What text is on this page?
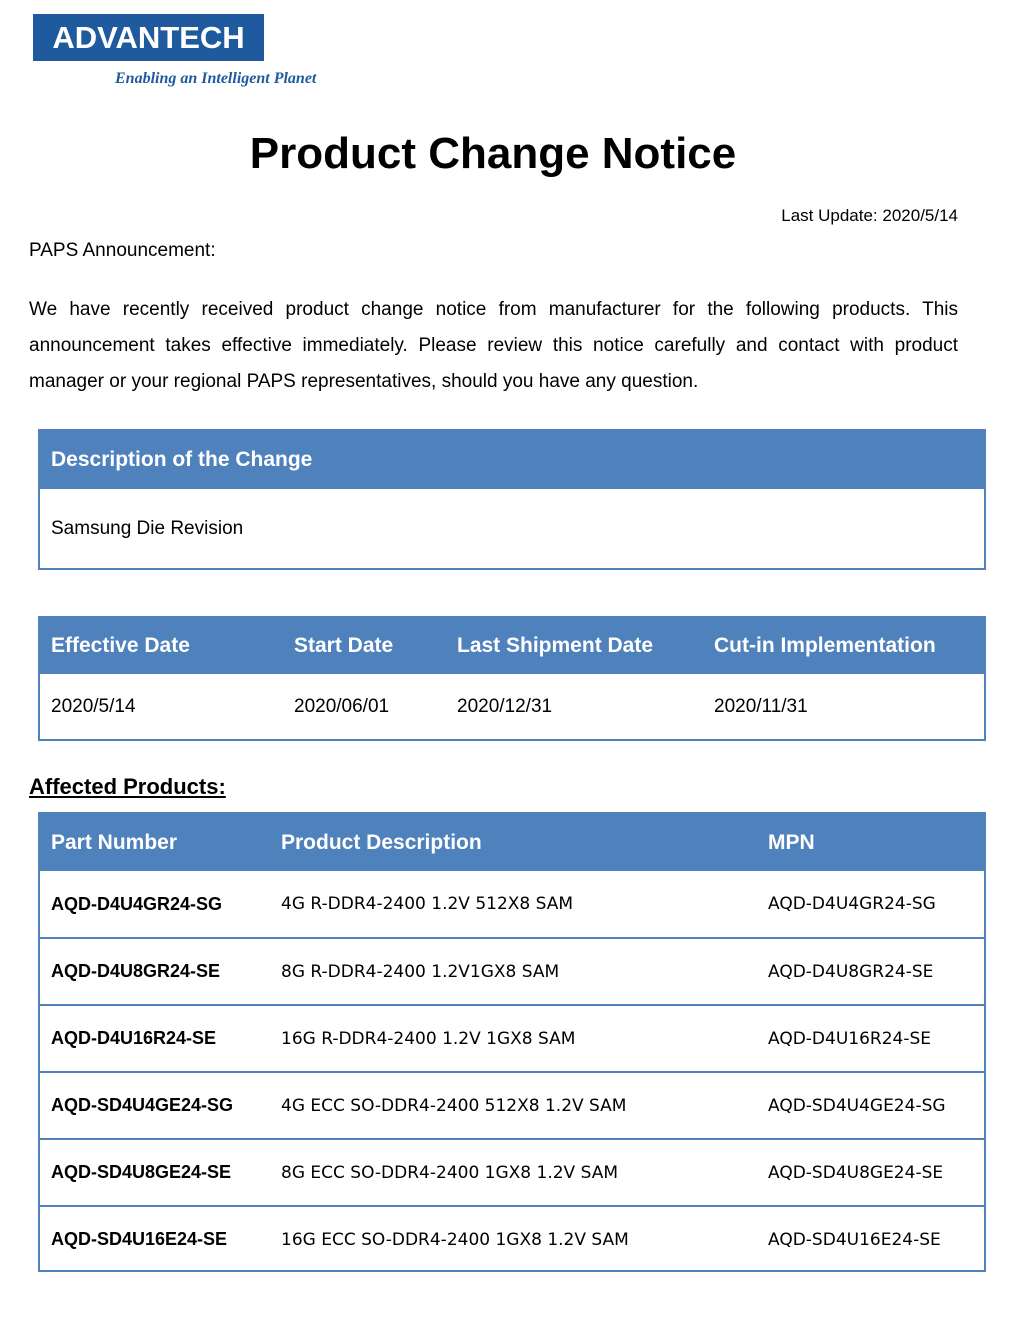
ADVANTECH
Enabling an Intelligent Planet
Product Change Notice
Last Update: 2020/5/14
PAPS Announcement:
We have recently received product change notice from manufacturer for the following products. This announcement takes effective immediately. Please review this notice carefully and contact with product manager or your regional PAPS representatives, should you have any question.
Description of the Change
Samsung Die Revision
Effective Date	Start Date	Last Shipment Date	Cut-in Implementation
2020/5/14	2020/06/01	2020/12/31	2020/11/31
Affected Products:
Part Number	Product Description	MPN
AQD-D4U4GR24-SG	4G R-DDR4-2400 1.2V 512X8 SAM	AQD-D4U4GR24-SG
AQD-D4U8GR24-SE	8G R-DDR4-2400 1.2V1GX8 SAM	AQD-D4U8GR24-SE
AQD-D4U16R24-SE	16G R-DDR4-2400 1.2V 1GX8 SAM	AQD-D4U16R24-SE
AQD-SD4U4GE24-SG	4G ECC SO-DDR4-2400 512X8 1.2V SAM	AQD-SD4U4GE24-SG
AQD-SD4U8GE24-SE	8G ECC SO-DDR4-2400 1GX8 1.2V SAM	AQD-SD4U8GE24-SE
AQD-SD4U16E24-SE	16G ECC SO-DDR4-2400 1GX8 1.2V SAM	AQD-SD4U16E24-SE
